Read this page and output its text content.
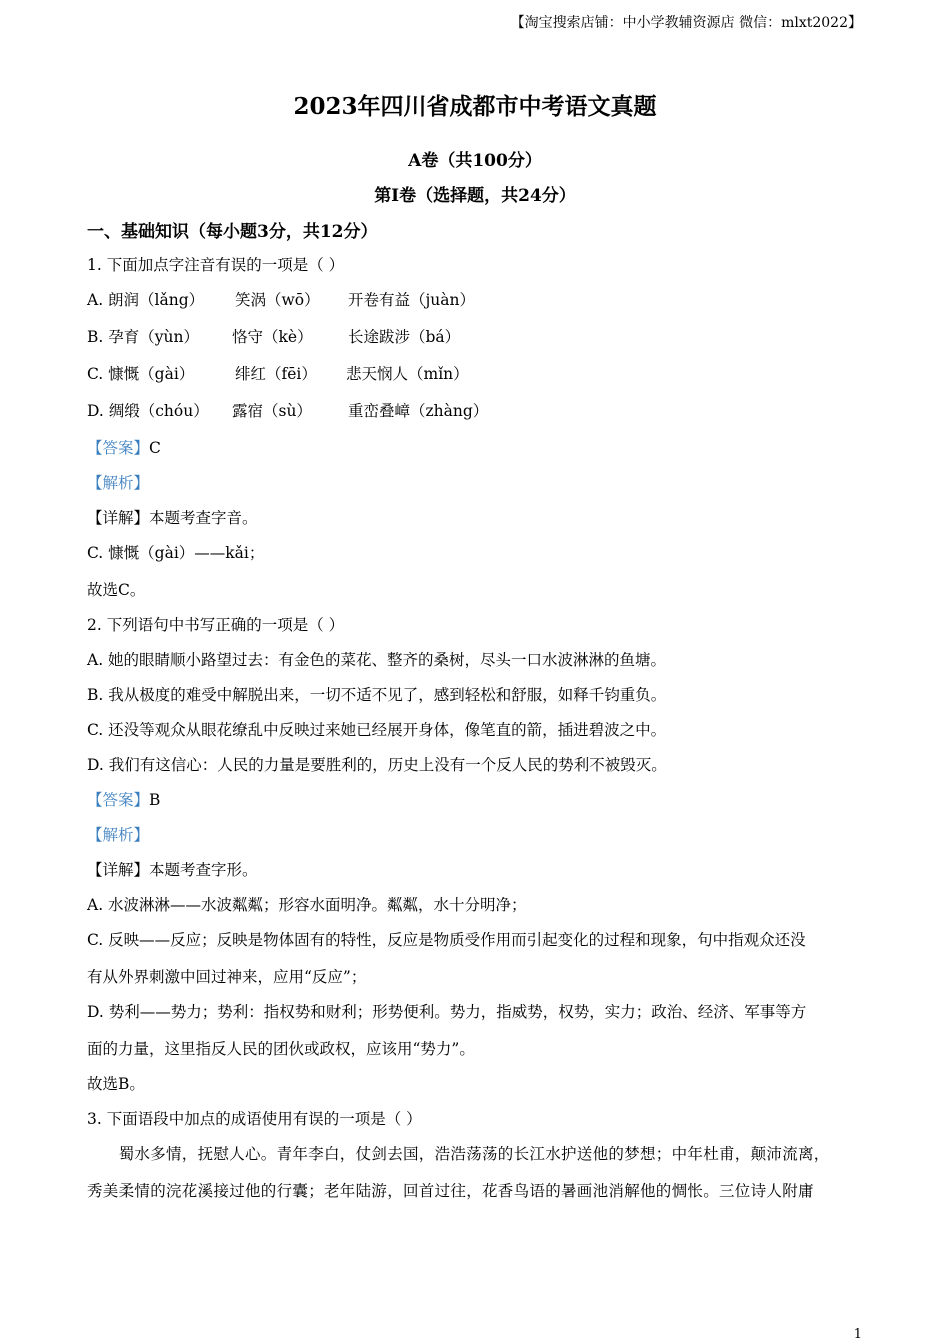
【淘宝搜索店铺：中小学教辅资源店 微信：mlxt2022】
2023年四川省成都市中考语文真题
A卷（共100分）
第Ⅰ卷（选择题，共24分）
一、基础知识（每小题3分，共12分）
1. 下面加点字注音有误的一项是（ ）
A. 朗润（lǎng） 笑涡（wō） 开卷有益（juàn）
B. 孕育（yùn） 恪守（kè） 长途跋涉（bá）
C. 慷慨（gài）	绯红（fēi） 悲天悯人（mǐn）
D. 绸缎（chóu） 露宿（sù） 重峦叠嶂（zhàng）
【答案】C
【解析】
【详解】本题考查字音。
C. 慷慨（gài）——kǎi；
故选C。
2. 下列语句中书写正确的一项是（ ）
A. 她的眼睛顺小路望过去：有金色的菜花、整齐的桑树，尽头一口水波淋淋的鱼塘。
B. 我从极度的难受中解脱出来，一切不适不见了，感到轻松和舒服，如释千钧重负。
C. 还没等观众从眼花缭乱中反映过来她已经展开身体，像笔直的箭，插进碧波之中。
D. 我们有这信心：人民的力量是要胜利的，历史上没有一个反人民的势利不被毁灭。
【答案】B
【解析】
【详解】本题考查字形。
A. 水波淋淋——水波粼粼；形容水面明净。粼粼，水十分明净；
C. 反映——反应；反映是物体固有的特性，反应是物质受作用而引起变化的过程和现象，句中指观众还没
有从外界刺激中回过神来，应用“反应”；
D. 势利——势力；势利：指权势和财利；形势便利。势力，指威势，权势，实力；政治、经济、军事等方
面的力量，这里指反人民的团伙或政权，应该用“势力”。
故选B。
3. 下面语段中加点的成语使用有误的一项是（ ）
　　蜀水多情，抚慰人心。青年李白，仗剑去国，浩浩荡荡的长江水护送他的梦想；中年杜甫，颠沛流离，
秀美柔情的浣花溪接过他的行囊；老年陆游，回首过往，花香鸟语的暑画池消解他的惆怅。三位诗人附庸
1
